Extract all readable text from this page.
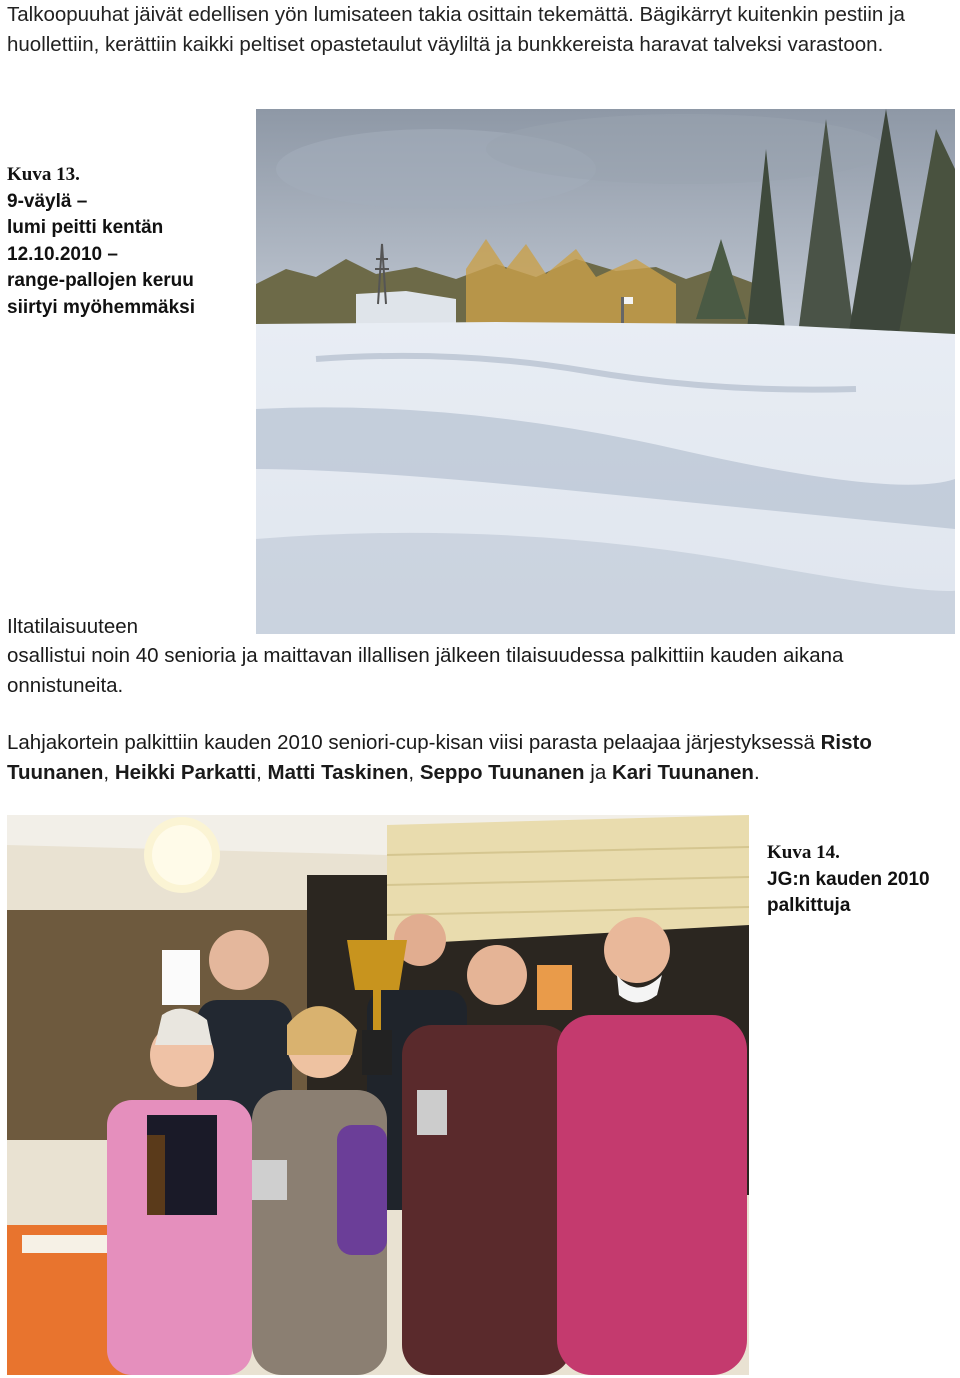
Talkoopuuhat jäivät edellisen yön lumisateen takia osittain tekemättä. Bägikärryt kuitenkin pestiin ja huollettiin, kerättiin kaikki peltiset opastetaulut väyliltä ja bunkkereista haravat talveksi varastoon.

Kuva 13.
9-väylä –
lumi peitti kentän
12.10.2010 –
range-pallojen keruu
siirtyi myöhemmäksi

Iltatilaisuuteen

osallistui noin 40 senioria ja maittavan illallisen jälkeen tilaisuudessa palkittiin kauden aikana onnistuneita.

Lahjakortein palkittiin kauden 2010 seniori-cup-kisan viisi parasta pelaajaa järjestyksessä Risto Tuunanen, Heikki Parkatti, Matti Taskinen, Seppo Tuunanen ja Kari Tuunanen.

Kuva 14.
JG:n kauden 2010
palkittuja
